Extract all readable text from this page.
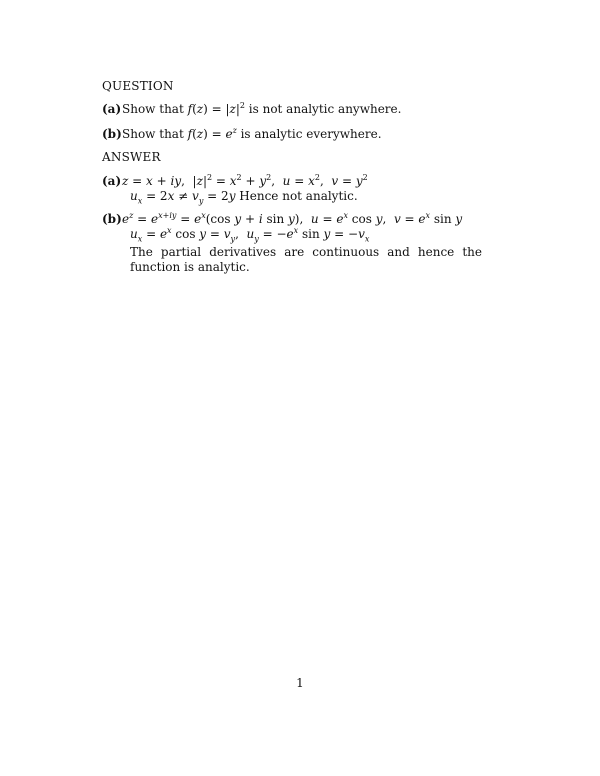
QUESTION
(a)Show that $f(z) = |z|^2$ is not analytic anywhere.
(b)Show that $f(z) = e^z$ is analytic everywhere.
ANSWER
(a)z = x + iy,  $|z|^2 = x^2 + y^2$,  $u = x^2$,  $v = y^2$
$u_x = 2x \ne v_y = 2y$ Hence not analytic.
$(b)e^z = e^{x+iy} = e^x(\cos$ y + i sin y),  $u = e^x$ cos y,  $v = e^x$ sin y
$u_x = e^x$ $\cos y = v_y$,  $u_y = -e^x$ $\sin y = -v_x$
The partial derivatives are continuous and hence the function is analytic.
1
